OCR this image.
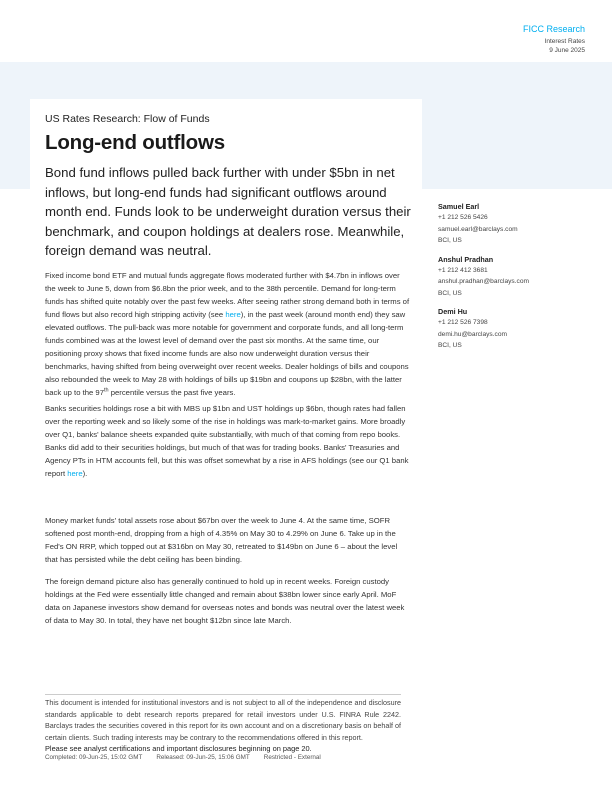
FICC Research
Interest Rates
9 June 2025
US Rates Research: Flow of Funds
Long-end outflows
Bond fund inflows pulled back further with under $5bn in net inflows, but long-end funds had significant outflows around month end. Funds look to be underweight duration versus their benchmark, and coupon holdings at dealers rose. Meanwhile, foreign demand was neutral.

Fixed income bond ETF and mutual funds aggregate flows moderated further with $4.7bn in inflows over the week to June 5, down from $6.8bn the prior week, and to the 38th percentile. Demand for long-term funds has shifted quite notably over the past few weeks. After seeing rather strong demand both in terms of fund flows but also record high stripping activity (see here), in the past week (around month end) they saw elevated outflows. The pull-back was more notable for government and corporate funds, and all long-term funds combined was at the lowest level of demand over the past six months. At the same time, our positioning proxy shows that fixed income funds are also now underweight duration versus their benchmarks, having shifted from being overweight over recent weeks. Dealer holdings of bills and coupons also rebounded the week to May 28 with holdings of bills up $19bn and coupons up $28bn, with the latter back up to the 97th percentile versus the past five years.

Banks securities holdings rose a bit with MBS up $1bn and UST holdings up $6bn, though rates had fallen over the reporting week and so likely some of the rise in holdings was mark-to-market gains. More broadly over Q1, banks' balance sheets expanded quite substantially, with much of that coming from repo books. Banks did add to their securities holdings, but much of that was for trading books. Banks' Treasuries and Agency PTs in HTM accounts fell, but this was offset somewhat by a rise in AFS holdings (see our Q1 bank report here).

Money market funds' total assets rose about $67bn over the week to June 4. At the same time, SOFR softened post month-end, dropping from a high of 4.35% on May 30 to 4.29% on June 6. Take up in the Fed's ON RRP, which topped out at $316bn on May 30, retreated to $149bn on June 6 – about the level that has persisted while the debt ceiling has been binding.

The foreign demand picture also has generally continued to hold up in recent weeks. Foreign custody holdings at the Fed were essentially little changed and remain about $38bn lower since early April. MoF data on Japanese investors show demand for overseas notes and bonds was neutral over the latest week of data to May 30. In total, they have net bought $12bn since late March.

Samuel Earl
+1 212 526 5426
samuel.earl@barclays.com
BCI, US
Anshul Pradhan
+1 212 412 3681
anshul.pradhan@barclays.com
BCI, US
Demi Hu
+1 212 526 7398
demi.hu@barclays.com
BCI, US
This document is intended for institutional investors and is not subject to all of the independence and disclosure standards applicable to debt research reports prepared for retail investors under U.S. FINRA Rule 2242. Barclays trades the securities covered in this report for its own account and on a discretionary basis on behalf of certain clients. Such trading interests may be contrary to the recommendations offered in this report.
Please see analyst certifications and important disclosures beginning on page 20.
Completed: 09-Jun-25, 15:02 GMT Released: 09-Jun-25, 15:06 GMT Restricted - External
